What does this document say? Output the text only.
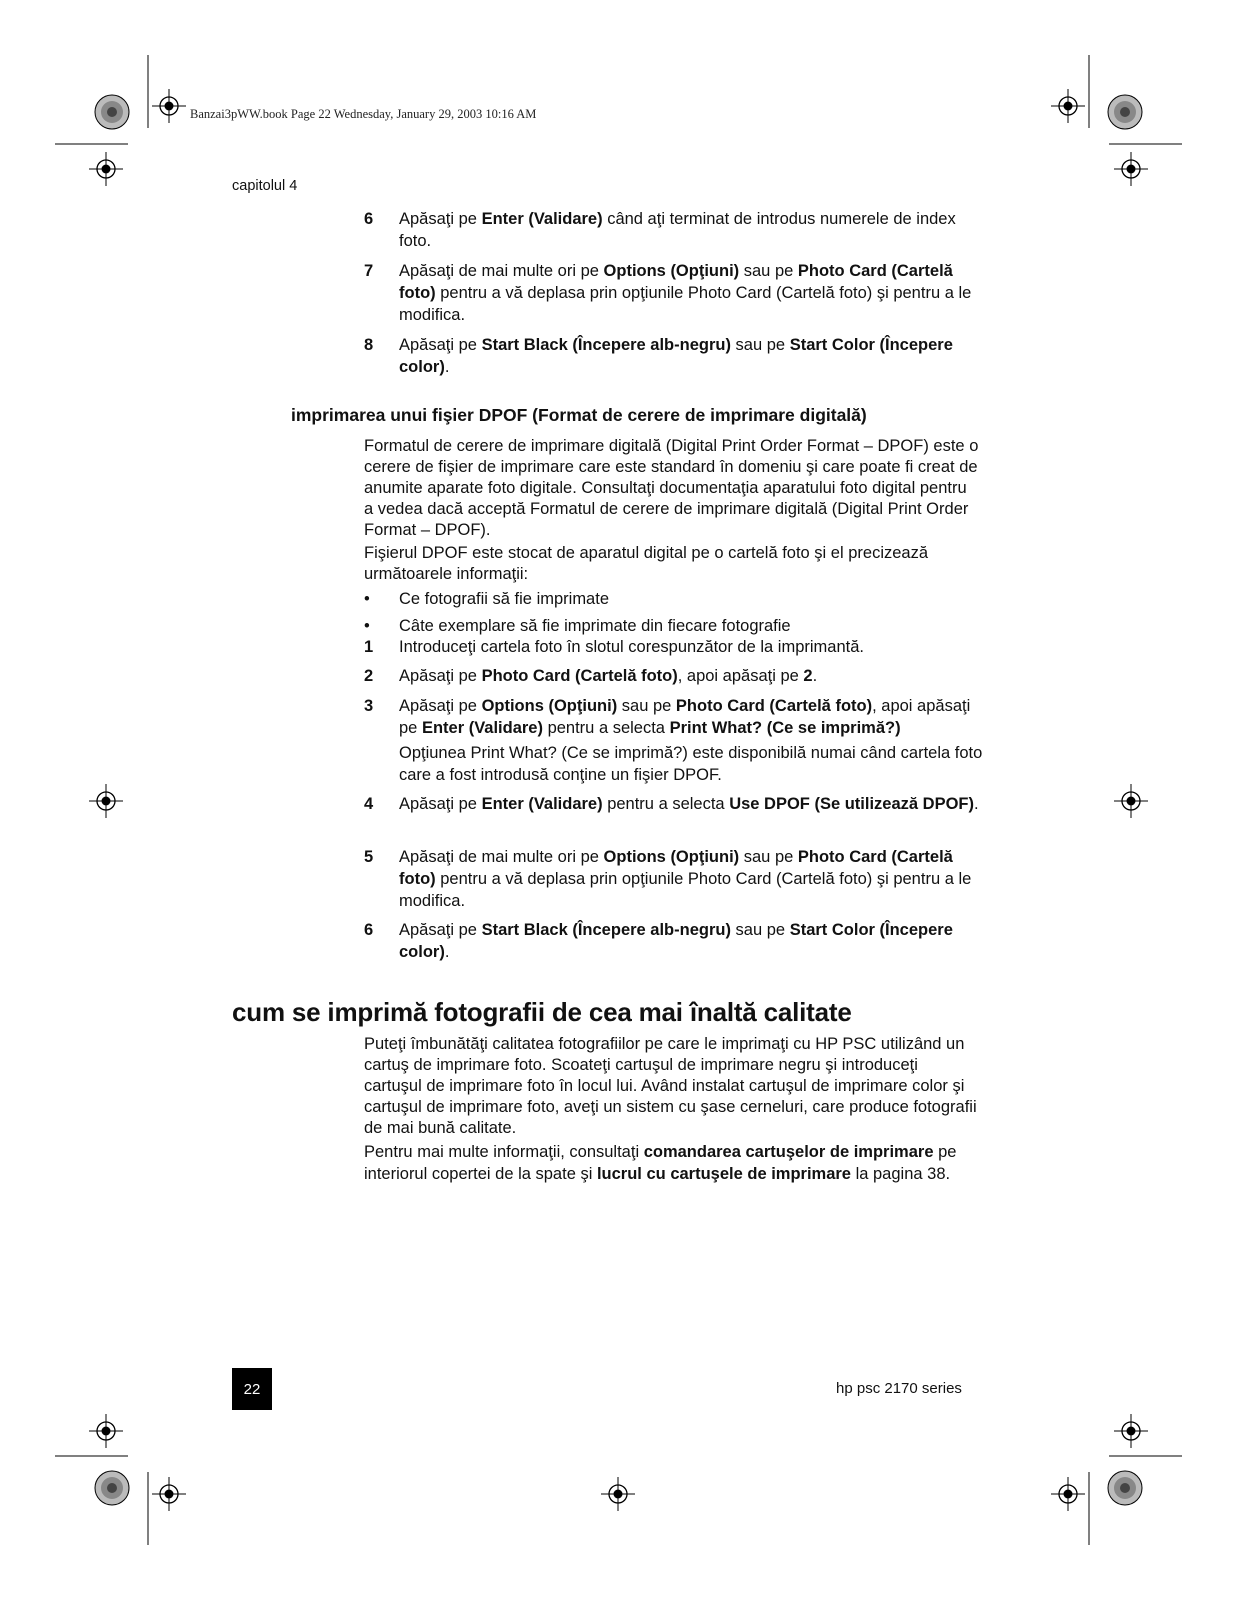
Banzai3pWW.book Page 22 Wednesday, January 29, 2003 10:16 AM
capitolul 4
6	Apăsaţi pe Enter (Validare) când aţi terminat de introdus numerele de index foto.
7	Apăsaţi de mai multe ori pe Options (Opţiuni) sau pe Photo Card (Cartelă foto) pentru a vă deplasa prin opţiunile Photo Card (Cartelă foto) şi pentru a le modifica.
8	Apăsaţi pe Start Black (Începere alb-negru) sau pe Start Color (Începere color).
imprimarea unui fişier DPOF (Format de cerere de imprimare digitală)

Formatul de cerere de imprimare digitală (Digital Print Order Format – DPOF) este o cerere de fişier de imprimare care este standard în domeniu şi care poate fi creat de anumite aparate foto digitale. Consultaţi documentaţia aparatului foto digital pentru a vedea dacă acceptă Formatul de cerere de imprimare digitală (Digital Print Order Format – DPOF).

Fişierul DPOF este stocat de aparatul digital pe o cartelă foto şi el precizează următoarele informaţii:

• Ce fotografii să fie imprimate
• Câte exemplare să fie imprimate din fiecare fotografie
1	Introduceţi cartela foto în slotul corespunzător de la imprimantă.
2	Apăsaţi pe Photo Card (Cartelă foto), apoi apăsaţi pe 2.
3	Apăsaţi pe Options (Opţiuni) sau pe Photo Card (Cartelă foto), apoi apăsaţi pe Enter (Validare) pentru a selecta Print What? (Ce se imprimă?)
Opţiunea Print What? (Ce se imprimă?) este disponibilă numai când cartela foto care a fost introdusă conţine un fişier DPOF.
4	Apăsaţi pe Enter (Validare) pentru a selecta Use DPOF (Se utilizează DPOF).
5	Apăsaţi de mai multe ori pe Options (Opţiuni) sau pe Photo Card (Cartelă foto) pentru a vă deplasa prin opţiunile Photo Card (Cartelă foto) şi pentru a le modifica.
6	Apăsaţi pe Start Black (Începere alb-negru) sau pe Start Color (Începere color).
cum se imprimă fotografii de cea mai înaltă calitate

Puteţi îmbunătăţi calitatea fotografiilor pe care le imprimaţi cu HP PSC utilizând un cartuş de imprimare foto. Scoateţi cartuşul de imprimare negru şi introduceţi cartuşul de imprimare foto în locul lui. Având instalat cartuşul de imprimare color şi cartuşul de imprimare foto, aveţi un sistem cu şase cerneluri, care produce fotografii de mai bună calitate.

Pentru mai multe informaţii, consultaţi comandarea cartuşelor de imprimare pe interiorul copertei de la spate şi lucrul cu cartuşele de imprimare la pagina 38.

22	hp psc 2170 series
